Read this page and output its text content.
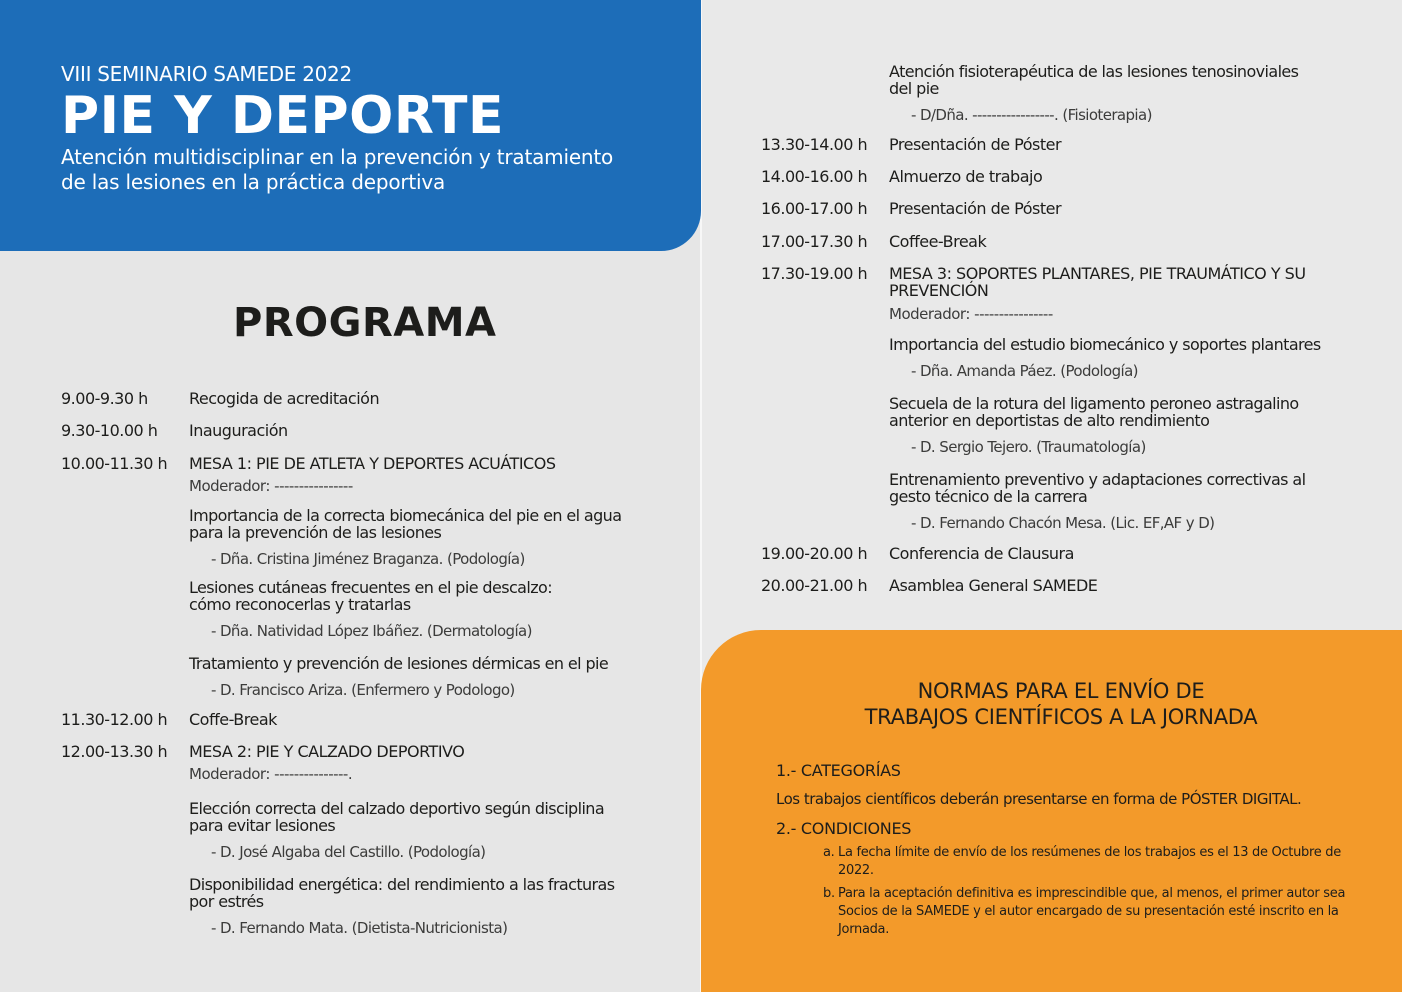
VIII SEMINARIO SAMEDE 2022
PIE Y DEPORTE
Atención multidisciplinar en la prevención y tratamiento
de las lesiones en la práctica deportiva
PROGRAMA
9.00-9.30 h	Recogida de acreditación
9.30-10.00 h Inauguración
10.00-11.30 h MESA 1: PIE DE ATLETA Y DEPORTES ACUÁTICOS
Moderador: ----------------
Importancia de la correcta biomecánica del pie en el agua
para la prevención de las lesiones
- Dña. Cristina Jiménez Braganza. (Podología)
Lesiones cutáneas frecuentes en el pie descalzo:
cómo reconocerlas y tratarlas
- Dña. Natividad López Ibáñez. (Dermatología)
Tratamiento y prevención de lesiones dérmicas en el pie
- D. Francisco Ariza. (Enfermero y Podologo)
11.30-12.00 h Coffe-Break
12.00-13.30 h MESA 2: PIE Y CALZADO DEPORTIVO
Moderador: ---------------.
Elección correcta del calzado deportivo según disciplina
para evitar lesiones
- D. José Algaba del Castillo. (Podología)
Disponibilidad energética: del rendimiento a las fracturas
por estrés
- D. Fernando Mata. (Dietista-Nutricionista)
Atención fisioterapéutica de las lesiones tenosinoviales
del pie
- D/Dña. -----------------. (Fisioterapia)
13.30-14.00 h Presentación de Póster
14.00-16.00 h Almuerzo de trabajo
16.00-17.00 h Presentación de Póster
17.00-17.30 h Coffee-Break
17.30-19.00 h MESA 3: SOPORTES PLANTARES, PIE TRAUMÁTICO Y SU
PREVENCIÓN
Moderador: ----------------
Importancia del estudio biomecánico y soportes plantares
- Dña. Amanda Páez. (Podología)
Secuela de la rotura del ligamento peroneo astragalino
anterior en deportistas de alto rendimiento
- D. Sergio Tejero. (Traumatología)
Entrenamiento preventivo y adaptaciones correctivas al
gesto técnico de la carrera
- D. Fernando Chacón Mesa. (Lic. EF,AF y D)
19.00-20.00 h Conferencia de Clausura
20.00-21.00 h Asamblea General SAMEDE
NORMAS PARA EL ENVÍO DE
TRABAJOS CIENTÍFICOS A LA JORNADA
1.- CATEGORÍAS
Los trabajos científicos deberán presentarse en forma de PÓSTER DIGITAL.
2.- CONDICIONES
a. La fecha límite de envío de los resúmenes de los trabajos es el 13 de Octubre de 2022.
b. Para la aceptación definitiva es imprescindible que, al menos, el primer autor sea Socios de la SAMEDE y el autor encargado de su presentación esté inscrito en la Jornada.
